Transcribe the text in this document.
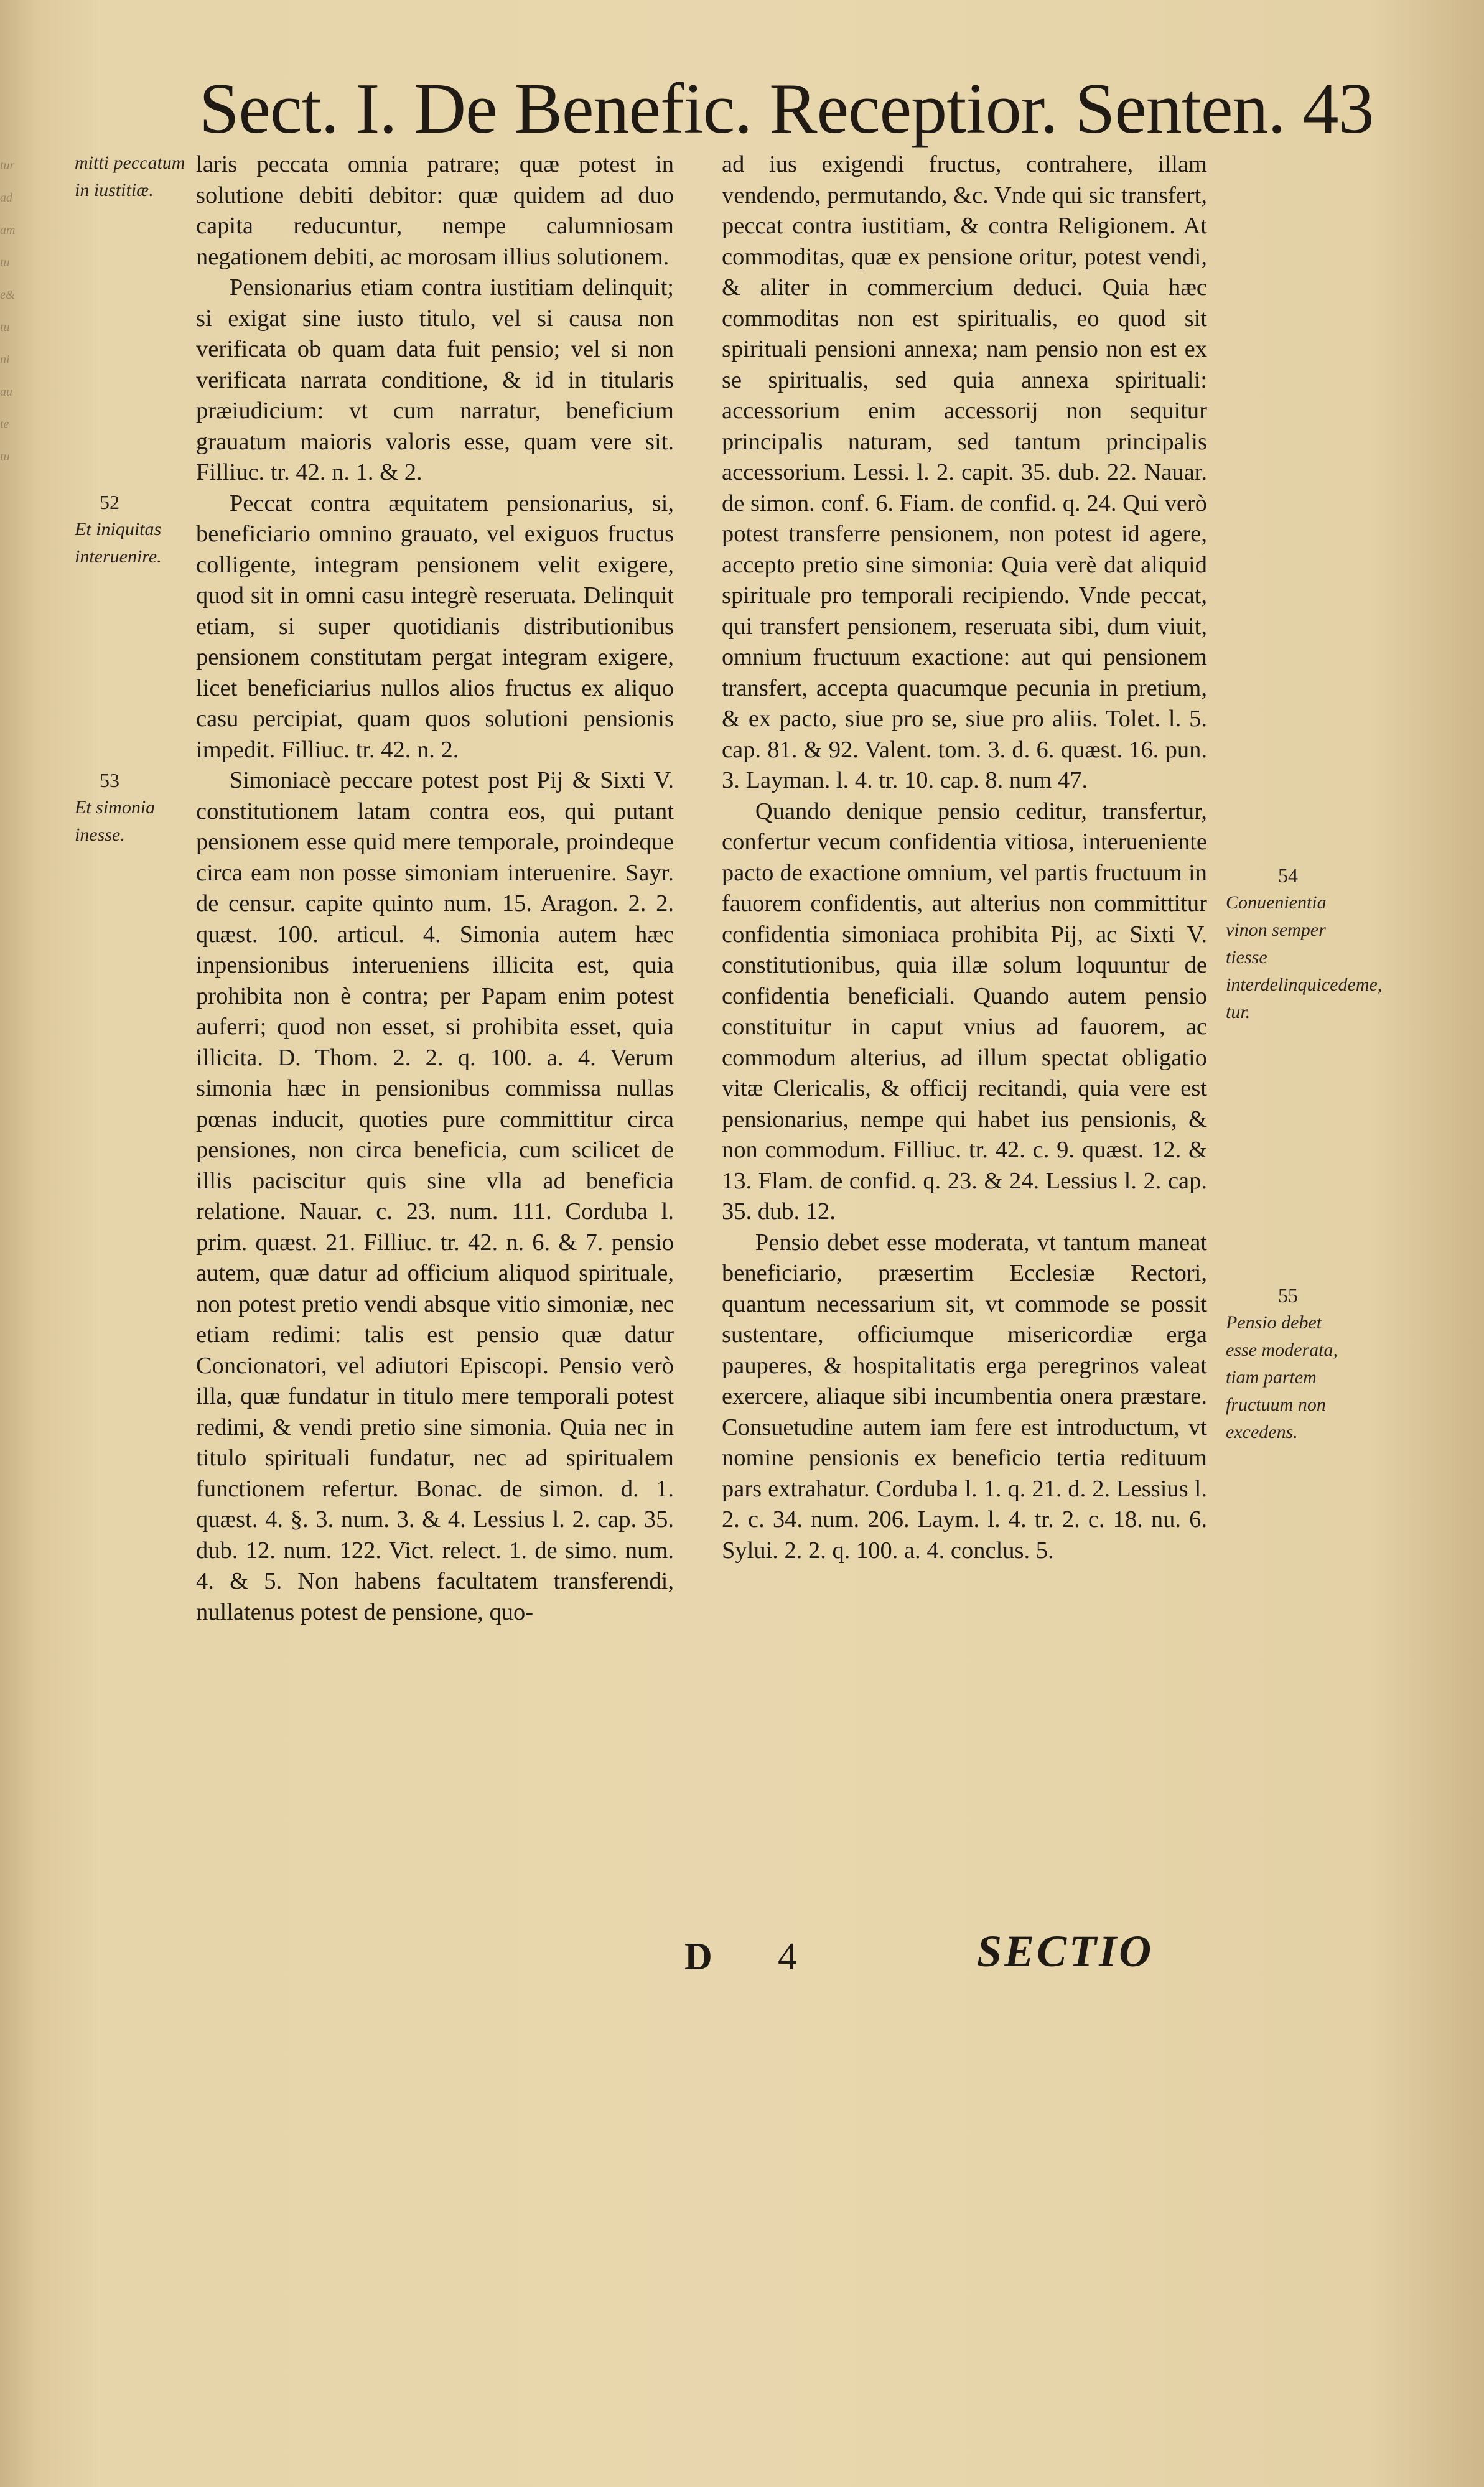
tur
ad
am
tu
e&
tu
ni
au
te
tu
Sect. I. De Benefic. Receptior. Senten. 43
mitti peccatum in iustitiæ.
52
Et iniquitas interuenire.
53
Et simonia inesse.

laris peccata omnia patrare; quæ potest in solutione debiti debitor: quæ quidem ad duo capita reducuntur, nempe calumniosam negationem debiti, ac morosam illius solutionem.

Pensionarius etiam contra iustitiam delinquit; si exigat sine iusto titulo, vel si causa non verificata ob quam data fuit pensio; vel si non verificata narrata conditione, & id in titularis præiudicium: vt cum narratur, beneficium grauatum maioris valoris esse, quam vere sit. Filliuc. tr. 42. n. 1. & 2.

Peccat contra æquitatem pensionarius, si, beneficiario omnino grauato, vel exiguos fructus colligente, integram pensionem velit exigere, quod sit in omni casu integrè reseruata. Delinquit etiam, si super quotidianis distributionibus pensionem constitutam pergat integram exigere, licet beneficiarius nullos alios fructus ex aliquo casu percipiat, quam quos solutioni pensionis impedit. Filliuc. tr. 42. n. 2.

Simoniacè peccare potest post Pij & Sixti V. constitutionem latam contra eos, qui putant pensionem esse quid mere temporale, proindeque circa eam non posse simoniam interuenire. Sayr. de censur. capite quinto num. 15. Aragon. 2. 2. quæst. 100. articul. 4. Simonia autem hæc inpensionibus interueniens illicita est, quia prohibita non è contra; per Papam enim potest auferri; quod non esset, si prohibita esset, quia illicita. D. Thom. 2. 2. q. 100. a. 4. Verum simonia hæc in pensionibus commissa nullas pœnas inducit, quoties pure committitur circa pensiones, non circa beneficia, cum scilicet de illis paciscitur quis sine vlla ad beneficia relatione. Nauar. c. 23. num. 111. Corduba l. prim. quæst. 21. Filliuc. tr. 42. n. 6. & 7. pensio autem, quæ datur ad officium aliquod spirituale, non potest pretio vendi absque vitio simoniæ, nec etiam redimi: talis est pensio quæ datur Concionatori, vel adiutori Episcopi. Pensio verò illa, quæ fundatur in titulo mere temporali potest redimi, & vendi pretio sine simonia. Quia nec in titulo spirituali fundatur, nec ad spiritualem functionem refertur. Bonac. de simon. d. 1. quæst. 4. §. 3. num. 3. & 4. Lessius l. 2. cap. 35. dub. 12. num. 122. Vict. relect. 1. de simo. num. 4. & 5. Non habens facultatem transferendi, nullatenus potest de pensione, quo-

ad ius exigendi fructus, contrahere, illam vendendo, permutando, &c. Vnde qui sic transfert, peccat contra iustitiam, & contra Religionem. At commoditas, quæ ex pensione oritur, potest vendi, & aliter in commercium deduci. Quia hæc commoditas non est spiritualis, eo quod sit spirituali pensioni annexa; nam pensio non est ex se spiritualis, sed quia annexa spirituali: accessorium enim accessorij non sequitur principalis naturam, sed tantum principalis accessorium. Lessi. l. 2. capit. 35. dub. 22. Nauar. de simon. conf. 6. Fiam. de confid. q. 24. Qui verò potest transferre pensionem, non potest id agere, accepto pretio sine simonia: Quia verè dat aliquid spirituale pro temporali recipiendo. Vnde peccat, qui transfert pensionem, reseruata sibi, dum viuit, omnium fructuum exactione: aut qui pensionem transfert, accepta quacumque pecunia in pretium, & ex pacto, siue pro se, siue pro aliis. Tolet. l. 5. cap. 81. & 92. Valent. tom. 3. d. 6. quæst. 16. pun. 3. Layman. l. 4. tr. 10. cap. 8. num 47.

Quando denique pensio ceditur, transfertur, confertur vecum confidentia vitiosa, interueniente pacto de exactione omnium, vel partis fructuum in fauorem confidentis, aut alterius non committitur confidentia simoniaca prohibita Pij, ac Sixti V. constitutionibus, quia illæ solum loquuntur de confidentia beneficiali. Quando autem pensio constituitur in caput vnius ad fauorem, ac commodum alterius, ad illum spectat obligatio vitæ Clericalis, & officij recitandi, quia vere est pensionarius, nempe qui habet ius pensionis, & non commodum. Filliuc. tr. 42. c. 9. quæst. 12. & 13. Flam. de confid. q. 23. & 24. Lessius l. 2. cap. 35. dub. 12.

Pensio debet esse moderata, vt tantum maneat beneficiario, præsertim Ecclesiæ Rectori, quantum necessarium sit, vt commode se possit sustentare, officiumque misericordiæ erga pauperes, & hospitalitatis erga peregrinos valeat exercere, aliaque sibi incumbentia onera præstare. Consuetudine autem iam fere est introductum, vt nomine pensionis ex beneficio tertia redituum pars extrahatur. Corduba l. 1. q. 21. d. 2. Lessius l. 2. c. 34. num. 206. Laym. l. 4. tr. 2. c. 18. nu. 6. Sylui. 2. 2. q. 100. a. 4. conclus. 5.

54
Conuenientia vinon semper tiesse interdelinquicedeme, tur.
55
Pensio debet esse moderata, tiam partem fructuum non excedens.
D 4	SECTIO
